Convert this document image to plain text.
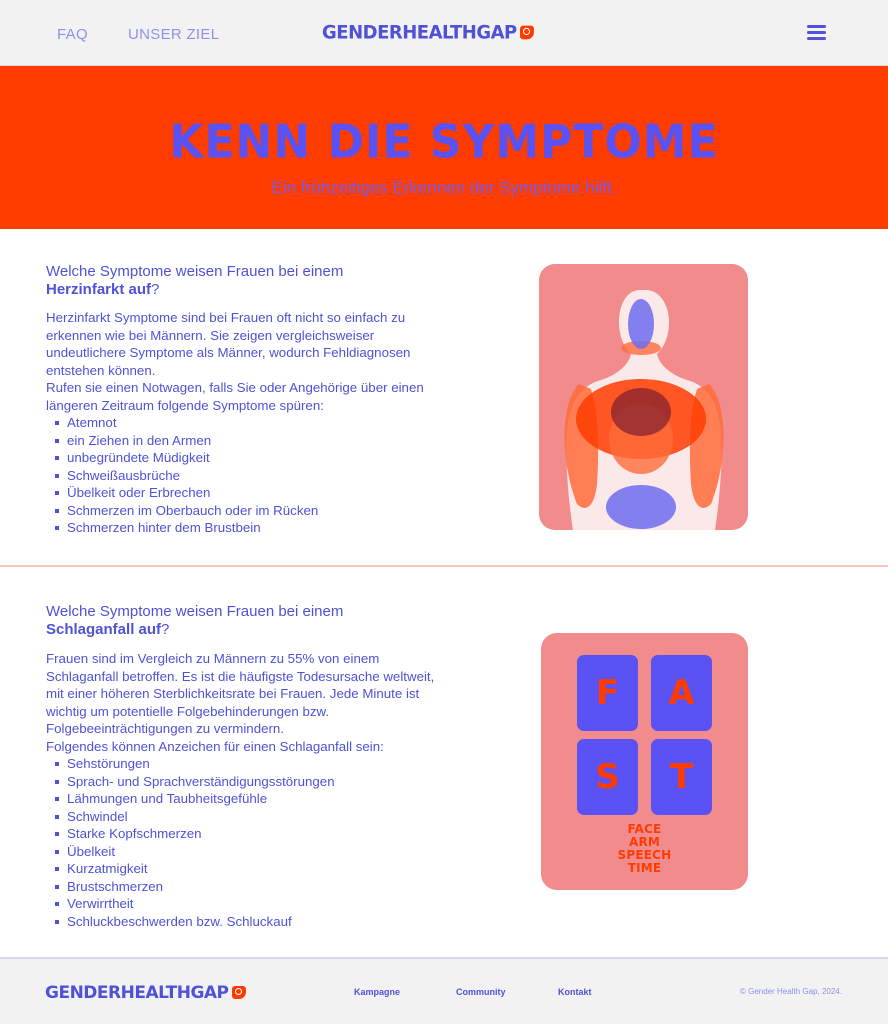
FAQ	UNSER ZIEL	GENDERHEALTHGAP
KENN DIE SYMPTOME

Ein frühzeitiges Erkennen der Symptome hilft.

Welche Symptome weisen Frauen bei einem
Herzinfarkt auf?

Herzinfarkt Symptome sind bei Frauen oft nicht so einfach zu erkennen wie bei Männern. Sie zeigen vergleichsweiser undeutlichere Symptome als Männer, wodurch Fehldiagnosen entstehen können.

Rufen sie einen Notwagen, falls Sie oder Angehörige über einen längeren Zeitraum folgende Symptome spüren:

Atemnot
ein Ziehen in den Armen
unbegründete Müdigkeit
Schweißausbrüche
Übelkeit oder Erbrechen
Schmerzen im Oberbauch oder im Rücken
Schmerzen hinter dem Brustbein
Welche Symptome weisen Frauen bei einem
Schlaganfall auf?

Frauen sind im Vergleich zu Männern zu 55% von einem Schlaganfall betroffen. Es ist die häufigste Todesursache weltweit, mit einer höheren Sterblichkeitsrate bei Frauen. Jede Minute ist wichtig um potentielle Folgebehinderungen bzw. Folgebeeinträchtigungen zu vermindern.

Folgendes können Anzeichen für einen Schlaganfall sein:

Sehstörungen
Sprach- und Sprachverständigungsstörungen
Lähmungen und Taubheitsgefühle
Schwindel
Starke Kopfschmerzen
Übelkeit
Kurzatmigkeit
Brustschmerzen
Verwirrtheit
Schluckbeschwerden bzw. Schluckauf
F	A
S	T
FACE
ARM
SPEECH
TIME
GENDERHEALTHGAP	Kampagne	Community	Kontakt	© Gender Health Gap, 2024.
